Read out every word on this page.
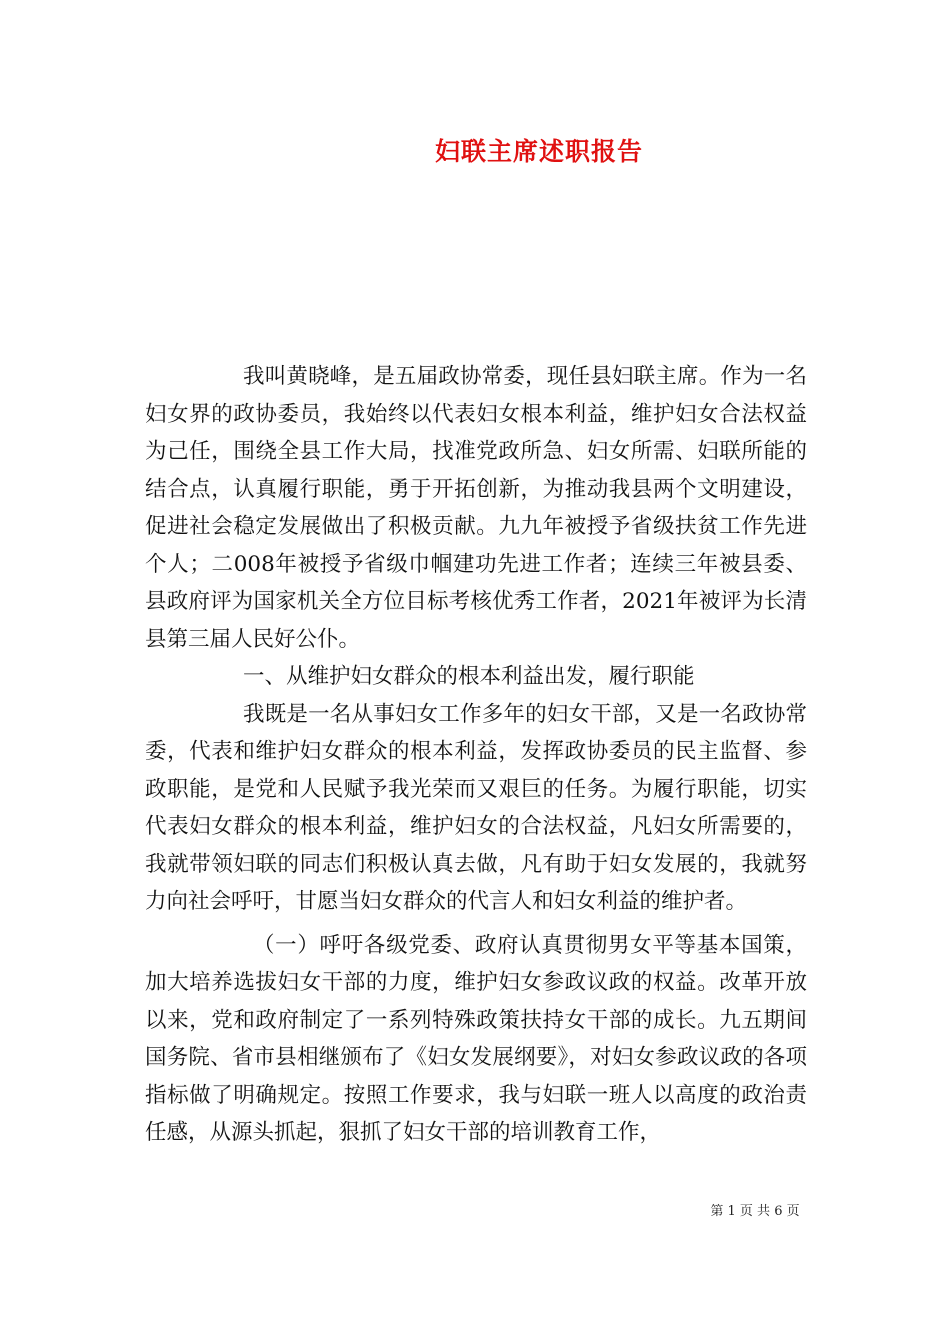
妇联主席述职报告

我叫黄晓峰，是五届政协常委，现任县妇联主席。作为一名妇女界的政协委员，我始终以代表妇女根本利益，维护妇女合法权益为己任，围绕全县工作大局，找准党政所急、妇女所需、妇联所能的结合点，认真履行职能，勇于开拓创新，为推动我县两个文明建设，促进社会稳定发展做出了积极贡献。九九年被授予省级扶贫工作先进个人；二008年被授予省级巾帼建功先进工作者；连续三年被县委、县政府评为国家机关全方位目标考核优秀工作者，2021年被评为长清县第三届人民好公仆。

一、从维护妇女群众的根本利益出发，履行职能

我既是一名从事妇女工作多年的妇女干部，又是一名政协常委，代表和维护妇女群众的根本利益，发挥政协委员的民主监督、参政职能，是党和人民赋予我光荣而又艰巨的任务。为履行职能，切实代表妇女群众的根本利益，维护妇女的合法权益，凡妇女所需要的，我就带领妇联的同志们积极认真去做，凡有助于妇女发展的，我就努力向社会呼吁，甘愿当妇女群众的代言人和妇女利益的维护者。

（一）呼吁各级党委、政府认真贯彻男女平等基本国策，加大培养选拔妇女干部的力度，维护妇女参政议政的权益。改革开放以来，党和政府制定了一系列特殊政策扶持女干部的成长。九五期间国务院、省市县相继颁布了《妇女发展纲要》，对妇女参政议政的各项指标做了明确规定。按照工作要求，我与妇联一班人以高度的政治责任感，从源头抓起，狠抓了妇女干部的培训教育工作，

第 1 页 共 6 页
